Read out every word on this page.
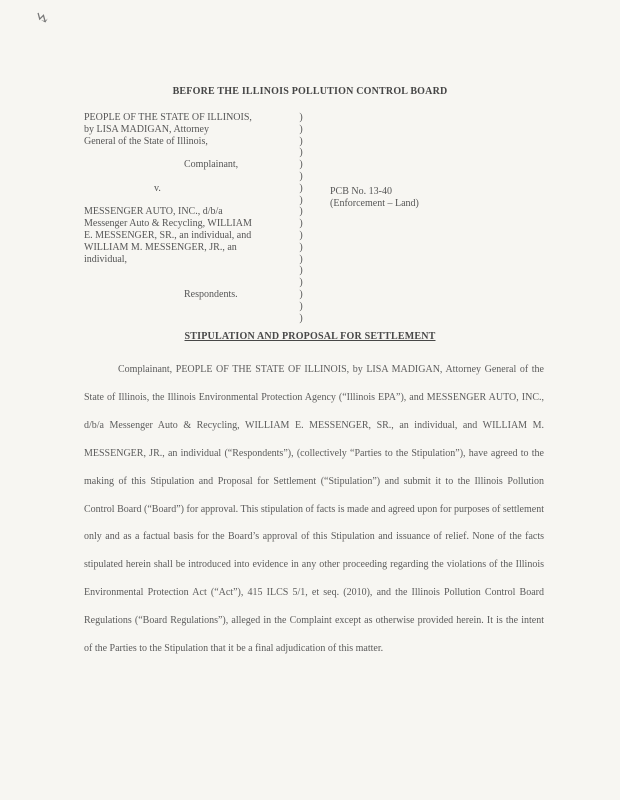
↯
BEFORE THE ILLINOIS POLLUTION CONTROL BOARD

PEOPLE OF THE STATE OF ILLINOIS,

by LISA MADIGAN, Attorney

General of the State of Illinois,

Complainant,

v.

MESSENGER AUTO, INC., d/b/a

Messenger Auto & Recycling, WILLIAM

E. MESSENGER, SR., an individual, and

WILLIAM M. MESSENGER, JR., an

individual,

Respondents.

)
)
)
)
)
)
)
)
)
)
)
)
)
)
)
)
)
)
PCB No. 13-40
(Enforcement – Land)
STIPULATION AND PROPOSAL FOR SETTLEMENT

Complainant, PEOPLE OF THE STATE OF ILLINOIS, by LISA MADIGAN, Attorney General of the State of Illinois, the Illinois Environmental Protection Agency (“Illinois EPA”), and MESSENGER AUTO, INC., d/b/a Messenger Auto & Recycling, WILLIAM E. MESSENGER, SR., an individual, and WILLIAM M. MESSENGER, JR., an individual (“Respondents”), (collectively “Parties to the Stipulation”), have agreed to the making of this Stipulation and Proposal for Settlement (“Stipulation”) and submit it to the Illinois Pollution Control Board (“Board”) for approval. This stipulation of facts is made and agreed upon for purposes of settlement only and as a factual basis for the Board’s approval of this Stipulation and issuance of relief. None of the facts stipulated herein shall be introduced into evidence in any other proceeding regarding the violations of the Illinois Environmental Protection Act (“Act”), 415 ILCS 5/1, et seq. (2010), and the Illinois Pollution Control Board Regulations (“Board Regulations”), alleged in the Complaint except as otherwise provided herein. It is the intent of the Parties to the Stipulation that it be a final adjudication of this matter.
